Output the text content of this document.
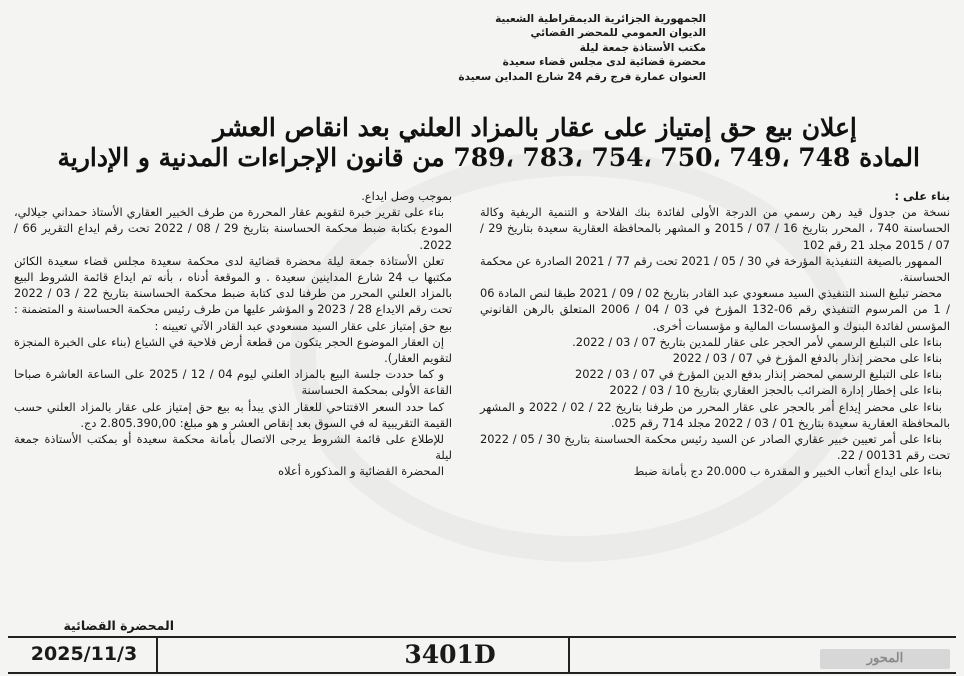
الجمهورية الجزائرية الديمقراطية الشعبية
الديوان العمومي للمحضر القضائي
مكتب الأستاذة جمعة ليلة
محضرة قضائية لدى مجلس قضاء سعيدة
العنوان عمارة فرج رقم 24 شارع المداين سعيدة
إعلان بيع حق إمتياز على عقار بالمزاد العلني بعد انقاص العشر
المادة 748 ،749 ،750 ،754 ،783 ،789 من قانون الإجراءات المدنية و الإدارية

بناء على :

نسخة من جدول قيد رهن رسمي من الدرجة الأولى لفائدة بنك الفلاحة و التنمية الريفية وكالة الحساسنة 740 ، المحرر بتاريخ 16 / 07 / 2015 و المشهر بالمحافظة العقارية سعيدة بتاريخ 29 / 07 / 2015 مجلد 21 رقم 102

الممهور بالصيغة التنفيذية المؤرخة في 30 / 05 / 2021 تحت رقم 77 / 2021 الصادرة عن محكمة الحساسنة.

محضر تبليغ السند التنفيذي السيد مسعودي عبد القادر بتاريخ 02 / 09 / 2021 طبقا لنص المادة 06 / 1 من المرسوم التنفيذي رقم 06-132 المؤرخ في 03 / 04 / 2006 المتعلق بالرهن القانوني المؤسس لفائدة البنوك و المؤسسات المالية و مؤسسات أخرى.

بناءا على التبليغ الرسمي لأمر الحجر على عقار للمدين بتاريخ 07 / 03 / 2022.

بناءا على محضر إنذار بالدفع المؤرخ في 07 / 03 / 2022

بناءا على التبليغ الرسمي لمحضر إنذار بدفع الدين المؤرخ في 07 / 03 / 2022

بناءا على إخطار إدارة الضرائب بالحجز العقاري بتاريخ 10 / 03 / 2022

بناءا على محضر إيداع أمر بالحجر على عقار المحرر من طرفنا بتاريخ 22 / 02 / 2022 و المشهر بالمحافظة العقارية سعيدة بتاريخ 01 / 03 / 2022 مجلد 714 رقم 025.

بناءا على أمر تعيين خبير عقاري الصادر عن السيد رئيس محكمة الحساسنة بتاريخ 30 / 05 / 2022 تحت رقم 00131 / 22.

بناءا على ايداع أتعاب الخبير و المقدرة ب 20.000 دج بأمانة ضبط

بموجب وصل ايداع.

بناء على تقرير خبرة لتقويم عقار المحررة من طرف الخبير العقاري الأستاذ حمداني جيلالي، المودع بكتابة ضبط محكمة الحساسنة بتاريخ 29 / 08 / 2022 تحت رقم ايداع التقرير 66 / 2022.

تعلن الأستاذة جمعة ليلة محضرة قضائية لدى محكمة سعيدة مجلس قضاء سعيدة الكائن مكتبها ب 24 شارع المداينين سعيدة . و الموقعة أدناه ، بأنه تم ايداع قائمة الشروط البيع بالمزاد العلني المحرر من طرفنا لدى كتابة ضبط محكمة الحساسنة بتاريخ 22 / 03 / 2022 تحت رقم الايداع 28 / 2023 و المؤشر عليها من طرف رئيس محكمة الحساسنة و المتضمنة : بيع حق إمتياز على عقار السيد مسعودي عبد القادر الآتي تعيينه :

إن العقار الموضوع الحجر يتكون من قطعة أرض فلاحية في الشياع (بناء على الخبرة المنجزة لتقويم العقار).

و كما حددت جلسة البيع بالمزاد العلني ليوم 04 / 12 / 2025 على الساعة العاشرة صباحا القاعة الأولى بمحكمة الحساسنة

كما حدد السعر الافتتاحي للعقار الذي يبدأ به بيع حق إمتياز على عقار بالمزاد العلني حسب القيمة التقريبية له في السوق بعد إنقاص العشر و هو مبلغ: 2.805.390,00 دج.

للإطلاع على قائمة الشروط يرجى الاتصال بأمانة محكمة سعيدة أو بمكتب الأستاذة جمعة ليلة

المحضرة القضائية و المذكورة أعلاه

المحضرة القضائية
2025/11/3	3401D	المحور
